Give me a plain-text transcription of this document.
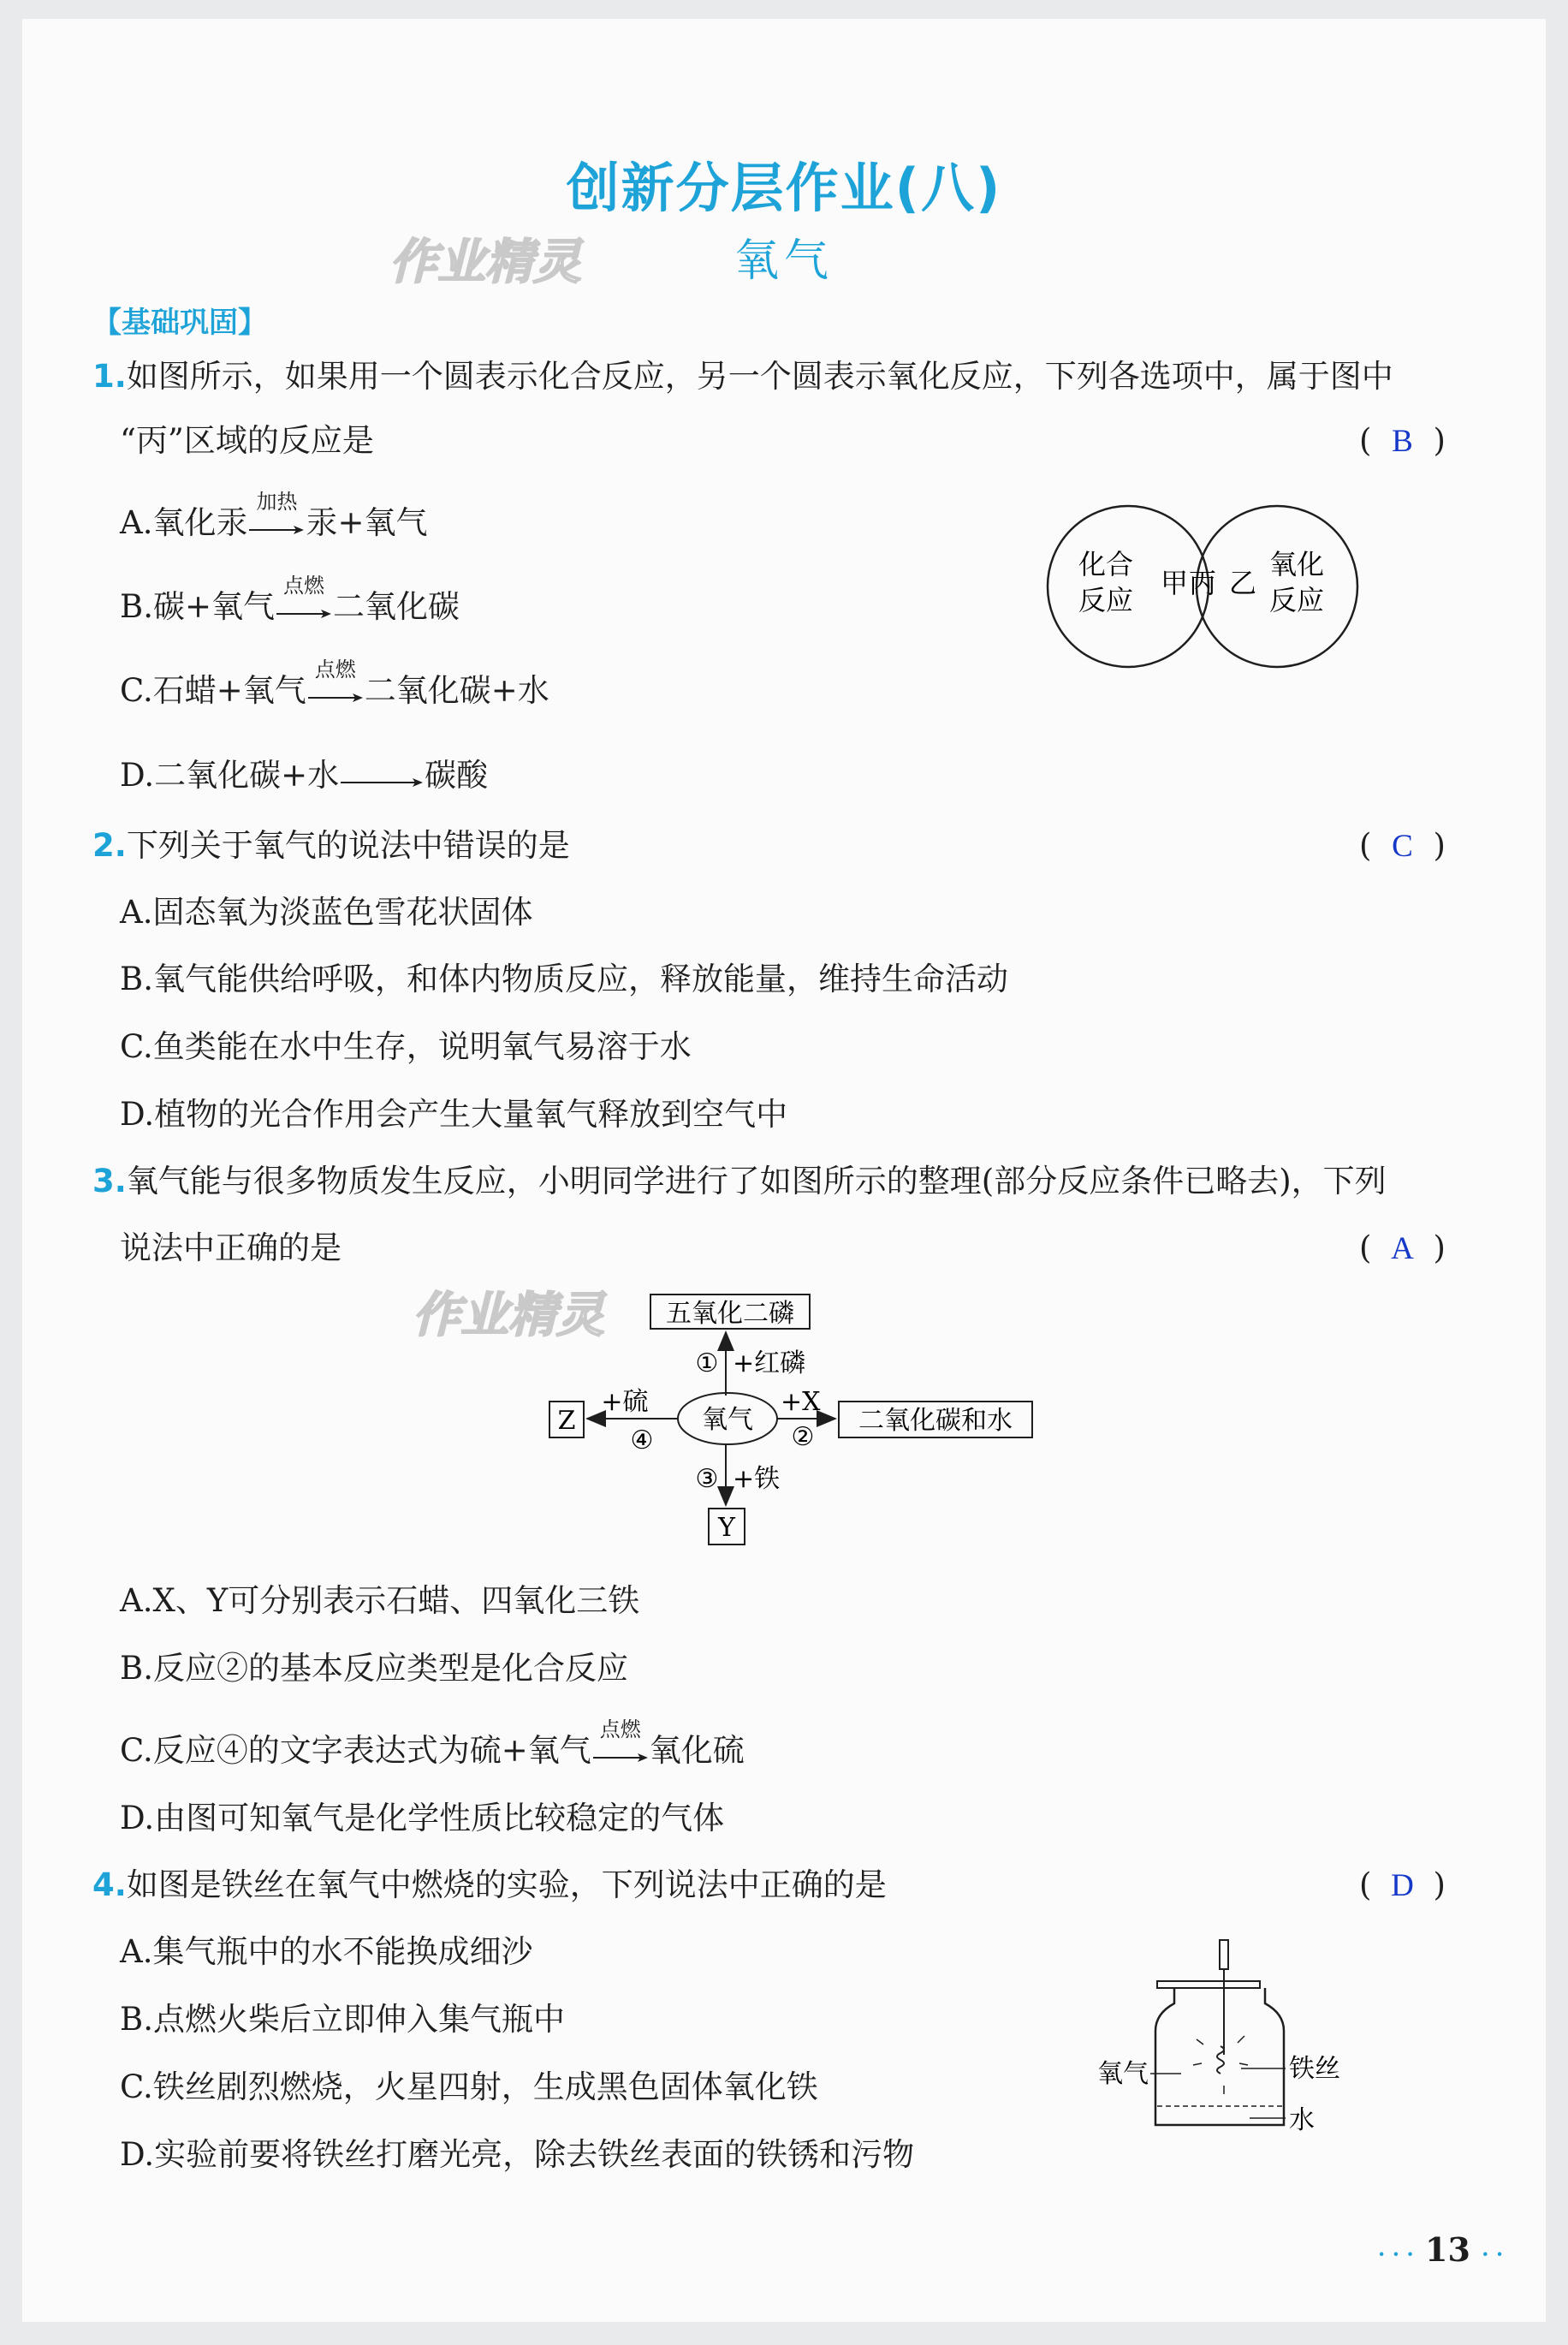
创新分层作业(八)
作业精灵	氧气
【基础巩固】
1.如图所示，如果用一个圆表示化合反应，另一个圆表示氧化反应，下列各选项中，属于图中
“丙”区域的反应是	( B )
A.氧化汞
加热
汞+氧气
B.碳+氧气
点燃
二氧化碳
C.石蜡+氧气
点燃
二氧化碳+水
D.二氧化碳+水 → 碳酸
化合
反应
甲 丙 乙
氧化
反应
2.下列关于氧气的说法中错误的是	( C )
A.固态氧为淡蓝色雪花状固体
B.氧气能供给呼吸，和体内物质反应，释放能量，维持生命活动
C.鱼类能在水中生存，说明氧气易溶于水
D.植物的光合作用会产生大量氧气释放到空气中
3.氧气能与很多物质发生反应，小明同学进行了如图所示的整理(部分反应条件已略去)，下列
说法中正确的是	( A )
作业精灵 五氧化二磷
① +红磷
氧气
+X
②
二氧化碳和水
③ +铁
Y
+硫
④
Z
A.X、Y可分别表示石蜡、四氧化三铁
B.反应②的基本反应类型是化合反应
C.反应④的文字表达式为硫+氧气
点燃
氧化硫
D.由图可知氧气是化学性质比较稳定的气体
4.如图是铁丝在氧气中燃烧的实验，下列说法中正确的是	( D )
A.集气瓶中的水不能换成细沙
B.点燃火柴后立即伸入集气瓶中
C.铁丝剧烈燃烧，火星四射，生成黑色固体氧化铁
D.实验前要将铁丝打磨光亮，除去铁丝表面的铁锈和污物
氧气	铁丝
水
· · · 13 · ·
